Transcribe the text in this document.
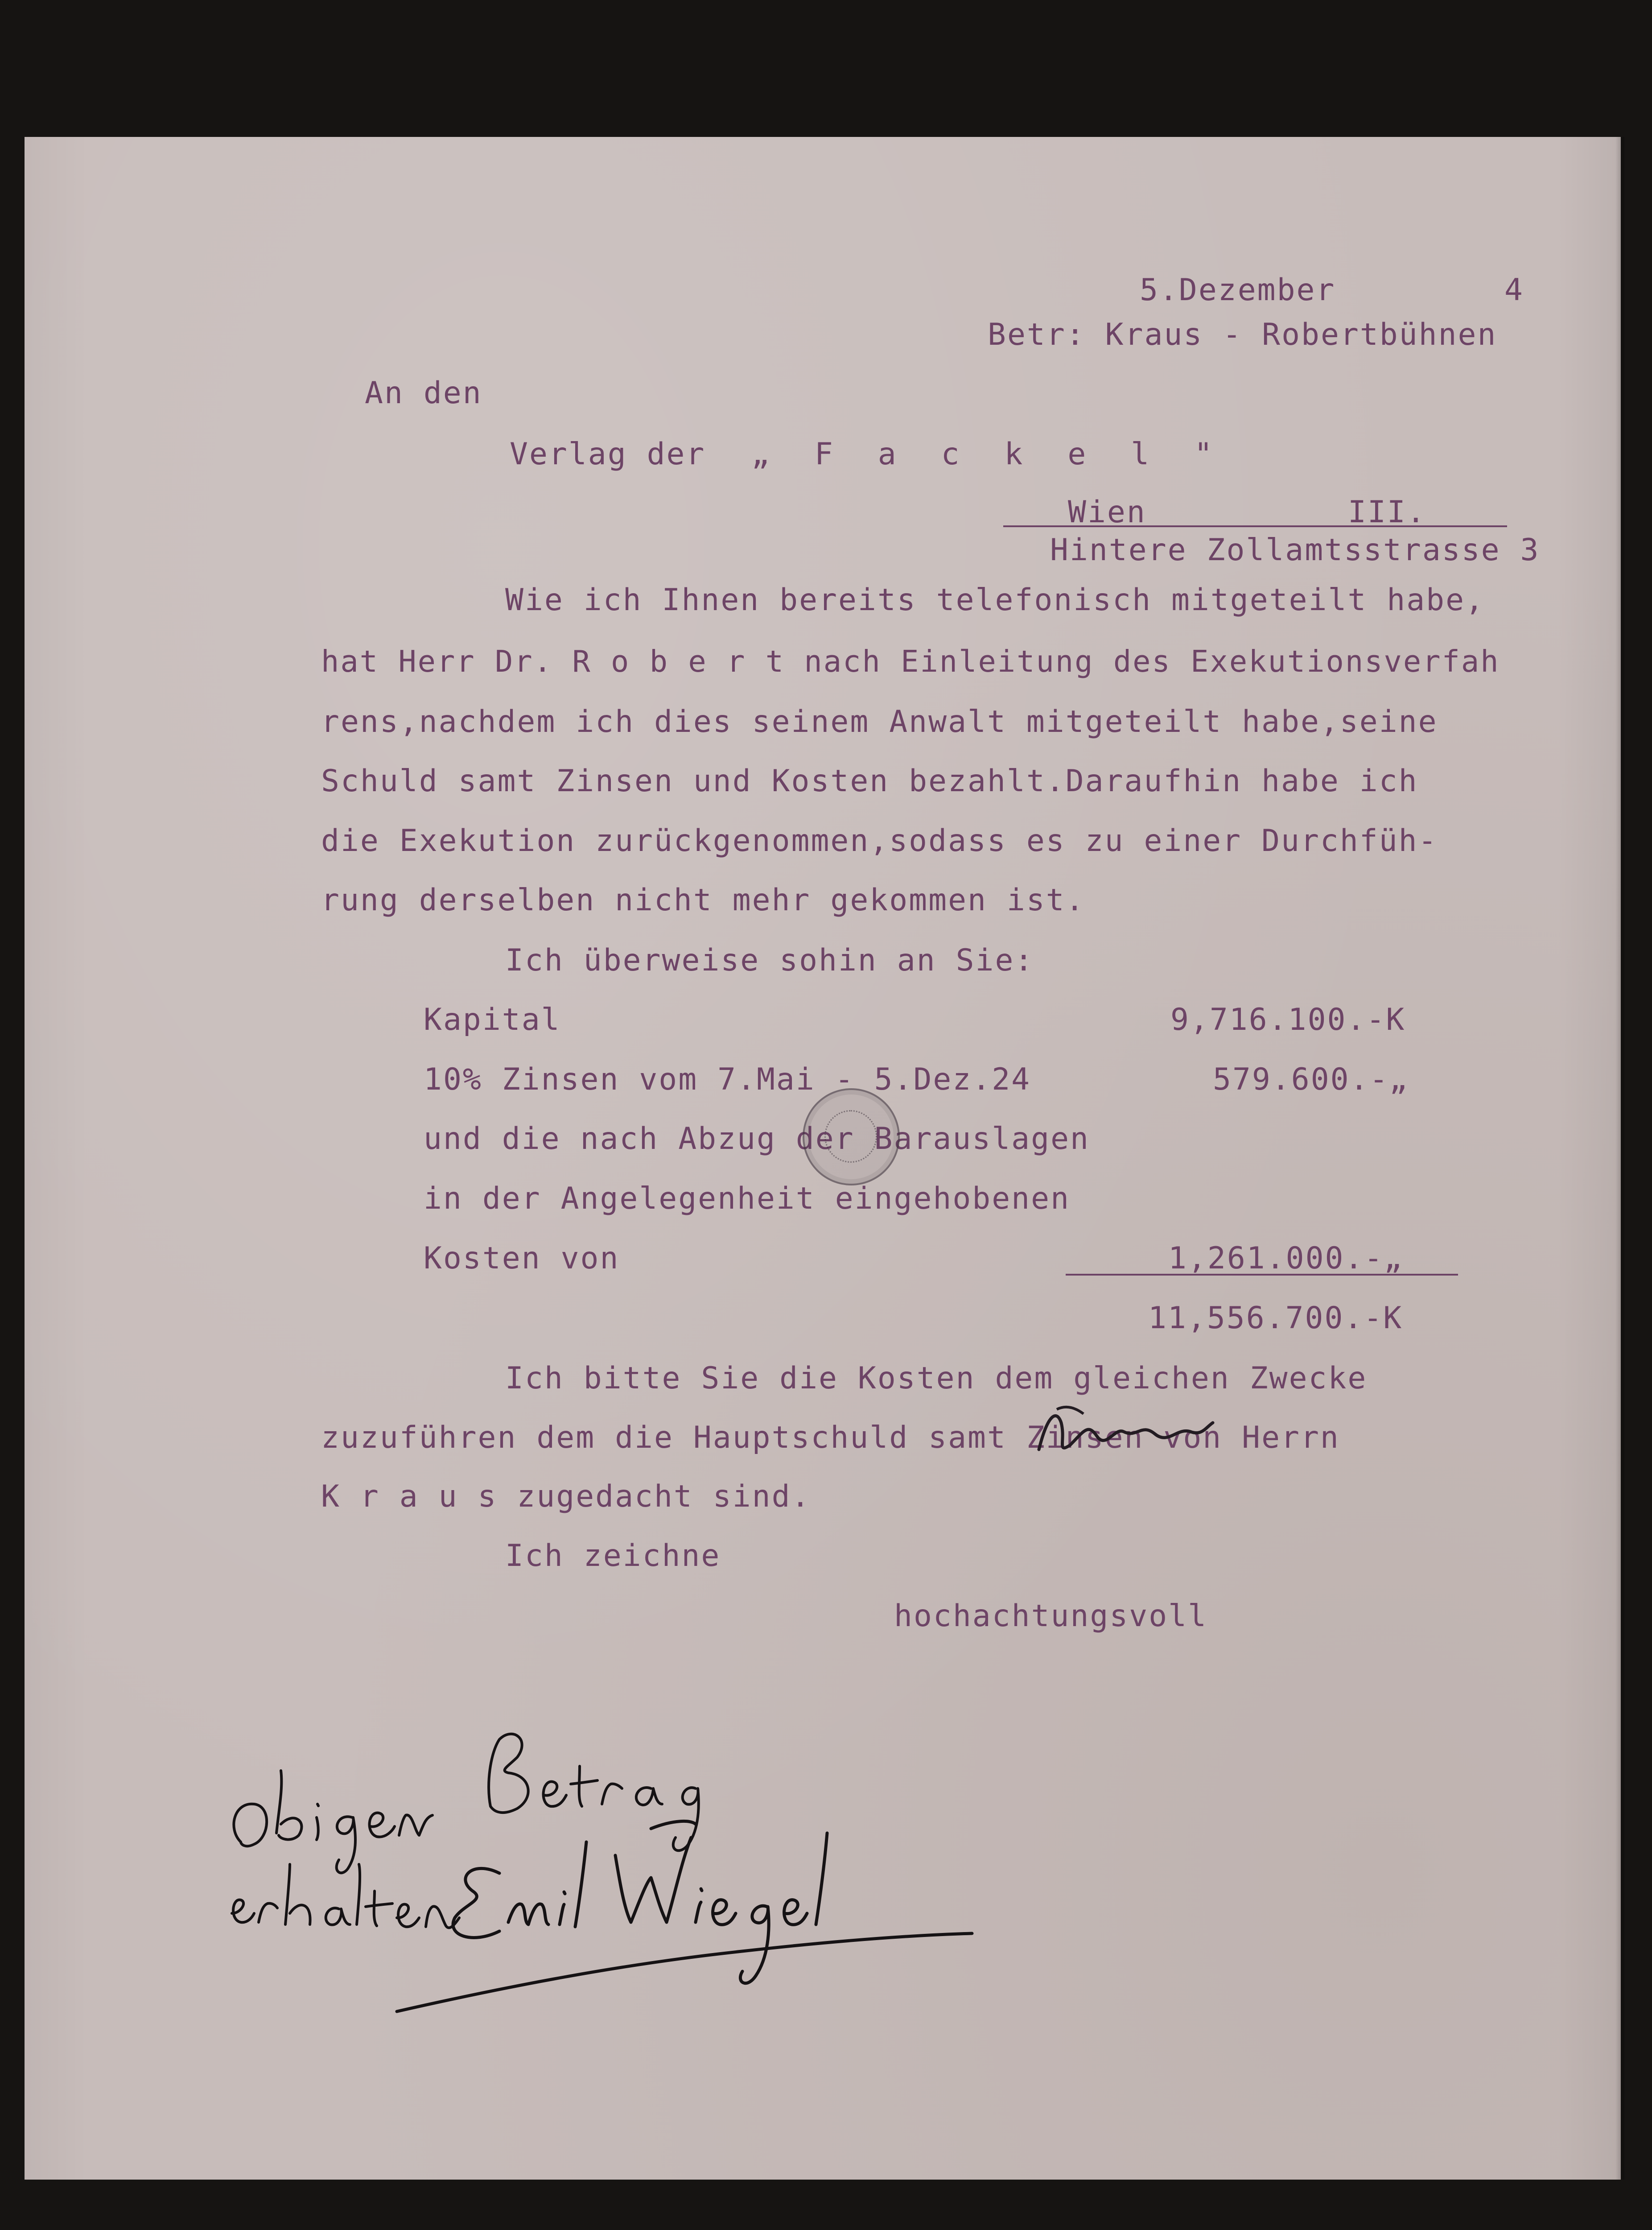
5.Dezember	4
Betr: Kraus - Robertbühnen
An den
Verlag der „ F a c k e l "
Wien	III.
Hintere Zollamtsstrasse 3
Wie ich Ihnen bereits telefonisch mitgeteilt habe,
hat Herr Dr. R o b e r t nach Einleitung des Exekutionsverfah
rens,nachdem ich dies seinem Anwalt mitgeteilt habe,seine
Schuld samt Zinsen und Kosten bezahlt.Daraufhin habe ich
die Exekution zurückgenommen,sodass es zu einer Durchfüh-
rung derselben nicht mehr gekommen ist.
Ich überweise sohin an Sie:
Kapital	9,716.100.-K
10% Zinsen vom 7.Mai - 5.Dez.24	579.600.-„
und die nach Abzug der Barauslagen
in der Angelegenheit eingehobenen
Kosten von	1,261.000.-„
11,556.700.-K
Ich bitte Sie die Kosten dem gleichen Zwecke
zuzuführen dem die Hauptschuld samt Zinsen von Herrn
K r a u s zugedacht sind.
Ich zeichne
hochachtungsvoll
